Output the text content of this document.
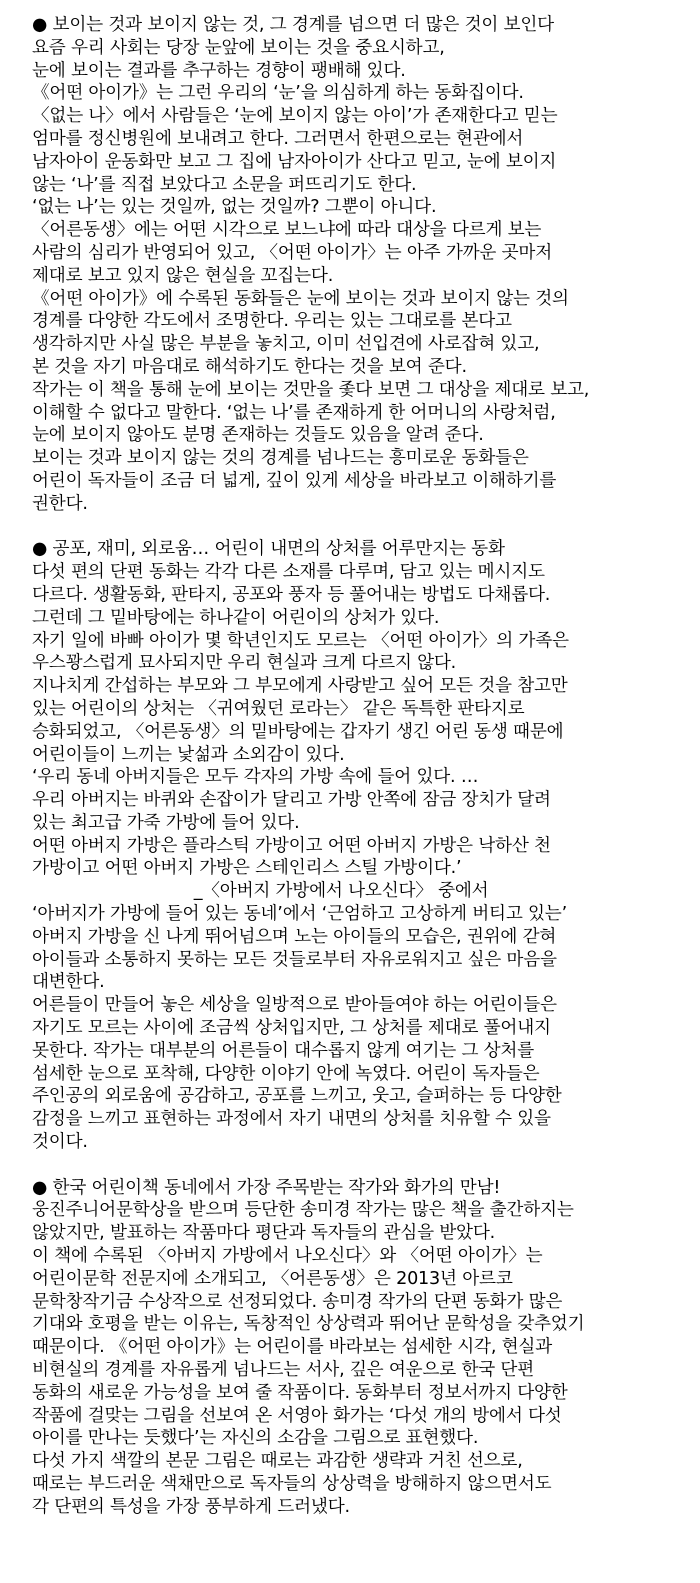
● 보이는 것과 보이지 않는 것, 그 경계를 넘으면 더 많은 것이 보인다
요즘 우리 사회는 당장 눈앞에 보이는 것을 중요시하고,
눈에 보이는 결과를 추구하는 경향이 팽배해 있다.
《어떤 아이가》는 그런 우리의 ‘눈’을 의심하게 하는 동화집이다.
〈없는 나〉에서 사람들은 ‘눈에 보이지 않는 아이’가 존재한다고 믿는
엄마를 정신병원에 보내려고 한다. 그러면서 한편으로는 현관에서
남자아이 운동화만 보고 그 집에 남자아이가 산다고 믿고, 눈에 보이지
않는 ‘나’를 직접 보았다고 소문을 퍼뜨리기도 한다.
‘없는 나’는 있는 것일까, 없는 것일까? 그뿐이 아니다.
〈어른동생〉에는 어떤 시각으로 보느냐에 따라 대상을 다르게 보는
사람의 심리가 반영되어 있고, 〈어떤 아이가〉는 아주 가까운 곳마저
제대로 보고 있지 않은 현실을 꼬집는다.
《어떤 아이가》에 수록된 동화들은 눈에 보이는 것과 보이지 않는 것의
경계를 다양한 각도에서 조명한다. 우리는 있는 그대로를 본다고
생각하지만 사실 많은 부분을 놓치고, 이미 선입견에 사로잡혀 있고,
본 것을 자기 마음대로 해석하기도 한다는 것을 보여 준다.
작가는 이 책을 통해 눈에 보이는 것만을 좇다 보면 그 대상을 제대로 보고,
이해할 수 없다고 말한다. ‘없는 나’를 존재하게 한 어머니의 사랑처럼,
눈에 보이지 않아도 분명 존재하는 것들도 있음을 알려 준다.
보이는 것과 보이지 않는 것의 경계를 넘나드는 흥미로운 동화들은
어린이 독자들이 조금 더 넓게, 깊이 있게 세상을 바라보고 이해하기를
권한다.
● 공포, 재미, 외로움… 어린이 내면의 상처를 어루만지는 동화
다섯 편의 단편 동화는 각각 다른 소재를 다루며, 담고 있는 메시지도
다르다. 생활동화, 판타지, 공포와 풍자 등 풀어내는 방법도 다채롭다.
그런데 그 밑바탕에는 하나같이 어린이의 상처가 있다.
자기 일에 바빠 아이가 몇 학년인지도 모르는 〈어떤 아이가〉의 가족은
우스꽝스럽게 묘사되지만 우리 현실과 크게 다르지 않다.
지나치게 간섭하는 부모와 그 부모에게 사랑받고 싶어 모든 것을 참고만
있는 어린이의 상처는 〈귀여웠던 로라는〉 같은 독특한 판타지로
승화되었고, 〈어른동생〉의 밑바탕에는 갑자기 생긴 어린 동생 때문에
어린이들이 느끼는 낯섦과 소외감이 있다.
‘우리 동네 아버지들은 모두 각자의 가방 속에 들어 있다. …
우리 아버지는 바퀴와 손잡이가 달리고 가방 안쪽에 잠금 장치가 달려
있는 최고급 가죽 가방에 들어 있다.
어떤 아버지 가방은 플라스틱 가방이고 어떤 아버지 가방은 낙하산 천
가방이고 어떤 아버지 가방은 스테인리스 스틸 가방이다.’
_〈아버지 가방에서 나오신다〉 중에서
‘아버지가 가방에 들어 있는 동네’에서 ‘근엄하고 고상하게 버티고 있는’
아버지 가방을 신 나게 뛰어넘으며 노는 아이들의 모습은, 권위에 갇혀
아이들과 소통하지 못하는 모든 것들로부터 자유로워지고 싶은 마음을
대변한다.
어른들이 만들어 놓은 세상을 일방적으로 받아들여야 하는 어린이들은
자기도 모르는 사이에 조금씩 상처입지만, 그 상처를 제대로 풀어내지
못한다. 작가는 대부분의 어른들이 대수롭지 않게 여기는 그 상처를
섬세한 눈으로 포착해, 다양한 이야기 안에 녹였다. 어린이 독자들은
주인공의 외로움에 공감하고, 공포를 느끼고, 웃고, 슬퍼하는 등 다양한
감정을 느끼고 표현하는 과정에서 자기 내면의 상처를 치유할 수 있을
것이다.
● 한국 어린이책 동네에서 가장 주목받는 작가와 화가의 만남!
웅진주니어문학상을 받으며 등단한 송미경 작가는 많은 책을 출간하지는
않았지만, 발표하는 작품마다 평단과 독자들의 관심을 받았다.
이 책에 수록된 〈아버지 가방에서 나오신다〉와 〈어떤 아이가〉는
어린이문학 전문지에 소개되고, 〈어른동생〉은 2013년 아르코
문학창작기금 수상작으로 선정되었다. 송미경 작가의 단편 동화가 많은
기대와 호평을 받는 이유는, 독창적인 상상력과 뛰어난 문학성을 갖추었기
때문이다. 《어떤 아이가》는 어린이를 바라보는 섬세한 시각, 현실과
비현실의 경계를 자유롭게 넘나드는 서사, 깊은 여운으로 한국 단편
동화의 새로운 가능성을 보여 줄 작품이다. 동화부터 정보서까지 다양한
작품에 걸맞는 그림을 선보여 온 서영아 화가는 ‘다섯 개의 방에서 다섯
아이를 만나는 듯했다’는 자신의 소감을 그림으로 표현했다.
다섯 가지 색깔의 본문 그림은 때로는 과감한 생략과 거친 선으로,
때로는 부드러운 색채만으로 독자들의 상상력을 방해하지 않으면서도
각 단편의 특성을 가장 풍부하게 드러냈다.
